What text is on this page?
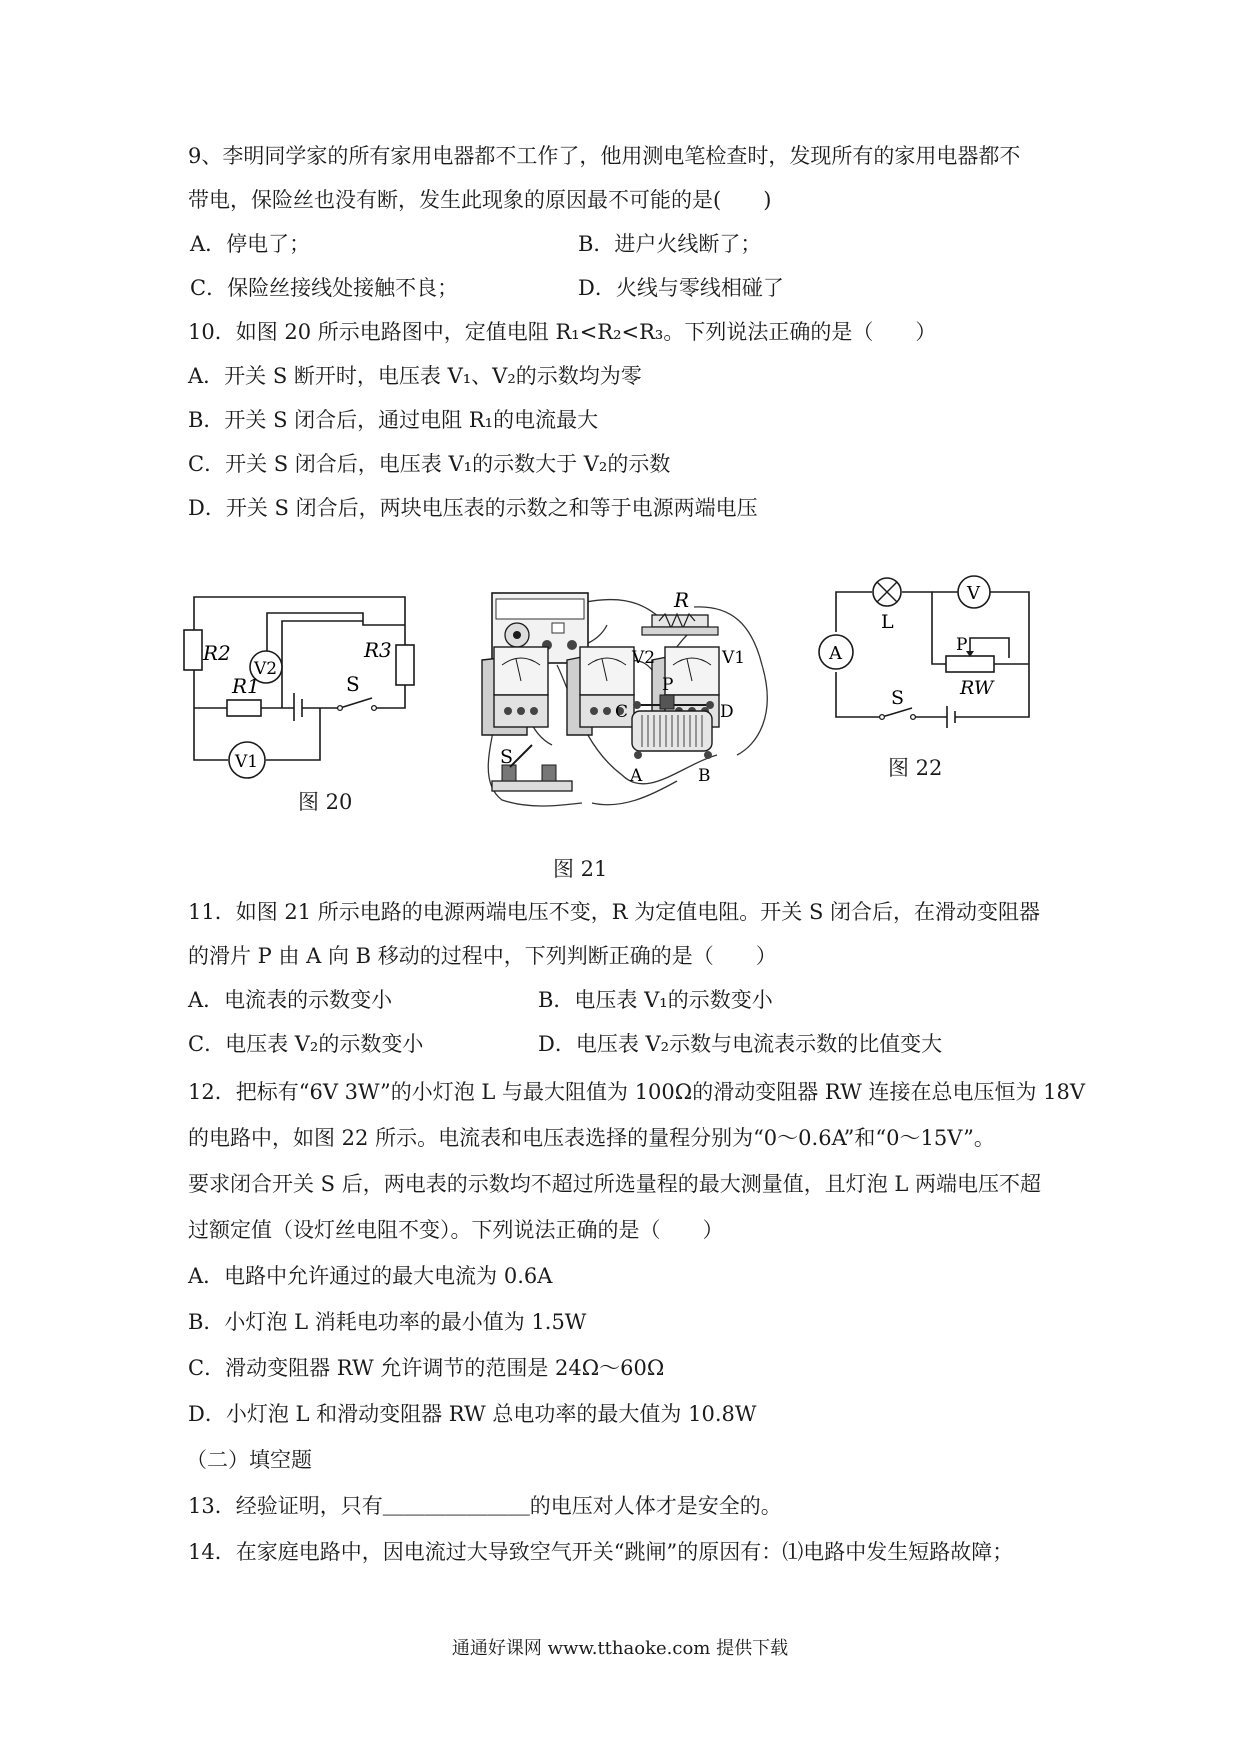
9、李明同学家的所有家用电器都不工作了，他用测电笔检查时，发现所有的家用电器都不
带电，保险丝也没有断，发生此现象的原因最不可能的是(　　)
A．停电了；	B．进户火线断了；
C．保险丝接线处接触不良；	D．火线与零线相碰了
10．如图 20 所示电路图中，定值电阻 R₁<R₂<R₃。下列说法正确的是（　　）
A．开关 S 断开时，电压表 V₁、V₂的示数均为零
B．开关 S 闭合后，通过电阻 R₁的电流最大
C．开关 S 闭合后，电压表 V₁的示数大于 V₂的示数
D．开关 S 闭合后，两块电压表的示数之和等于电源两端电压
R2
R1
R3
V2
V1
S
图 20
R
V2	V1
S
P
C	D
A	B
图 21
L
V
A	P
RW
S
图 22
11．如图 21 所示电路的电源两端电压不变，R 为定值电阻。开关 S 闭合后，在滑动变阻器
的滑片 P 由 A 向 B 移动的过程中，下列判断正确的是（　　）
A．电流表的示数变小	B．电压表 V₁的示数变小
C．电压表 V₂的示数变小	D．电压表 V₂示数与电流表示数的比值变大
12．把标有“6V 3W”的小灯泡 L 与最大阻值为 100Ω的滑动变阻器 RW 连接在总电压恒为 18V
的电路中，如图 22 所示。电流表和电压表选择的量程分别为“0～0.6A”和“0～15V”。
要求闭合开关 S 后，两电表的示数均不超过所选量程的最大测量值，且灯泡 L 两端电压不超
过额定值（设灯丝电阻不变）。下列说法正确的是（　　）
A．电路中允许通过的最大电流为 0.6A
B．小灯泡 L 消耗电功率的最小值为 1.5W
C．滑动变阻器 RW 允许调节的范围是 24Ω～60Ω
D．小灯泡 L 和滑动变阻器 RW 总电功率的最大值为 10.8W
（二）填空题
13．经验证明，只有＿＿＿＿＿＿＿的电压对人体才是安全的。
14．在家庭电路中，因电流过大导致空气开关“跳闸”的原因有：⑴电路中发生短路故障；
通通好课网 www.tthaoke.com 提供下载
